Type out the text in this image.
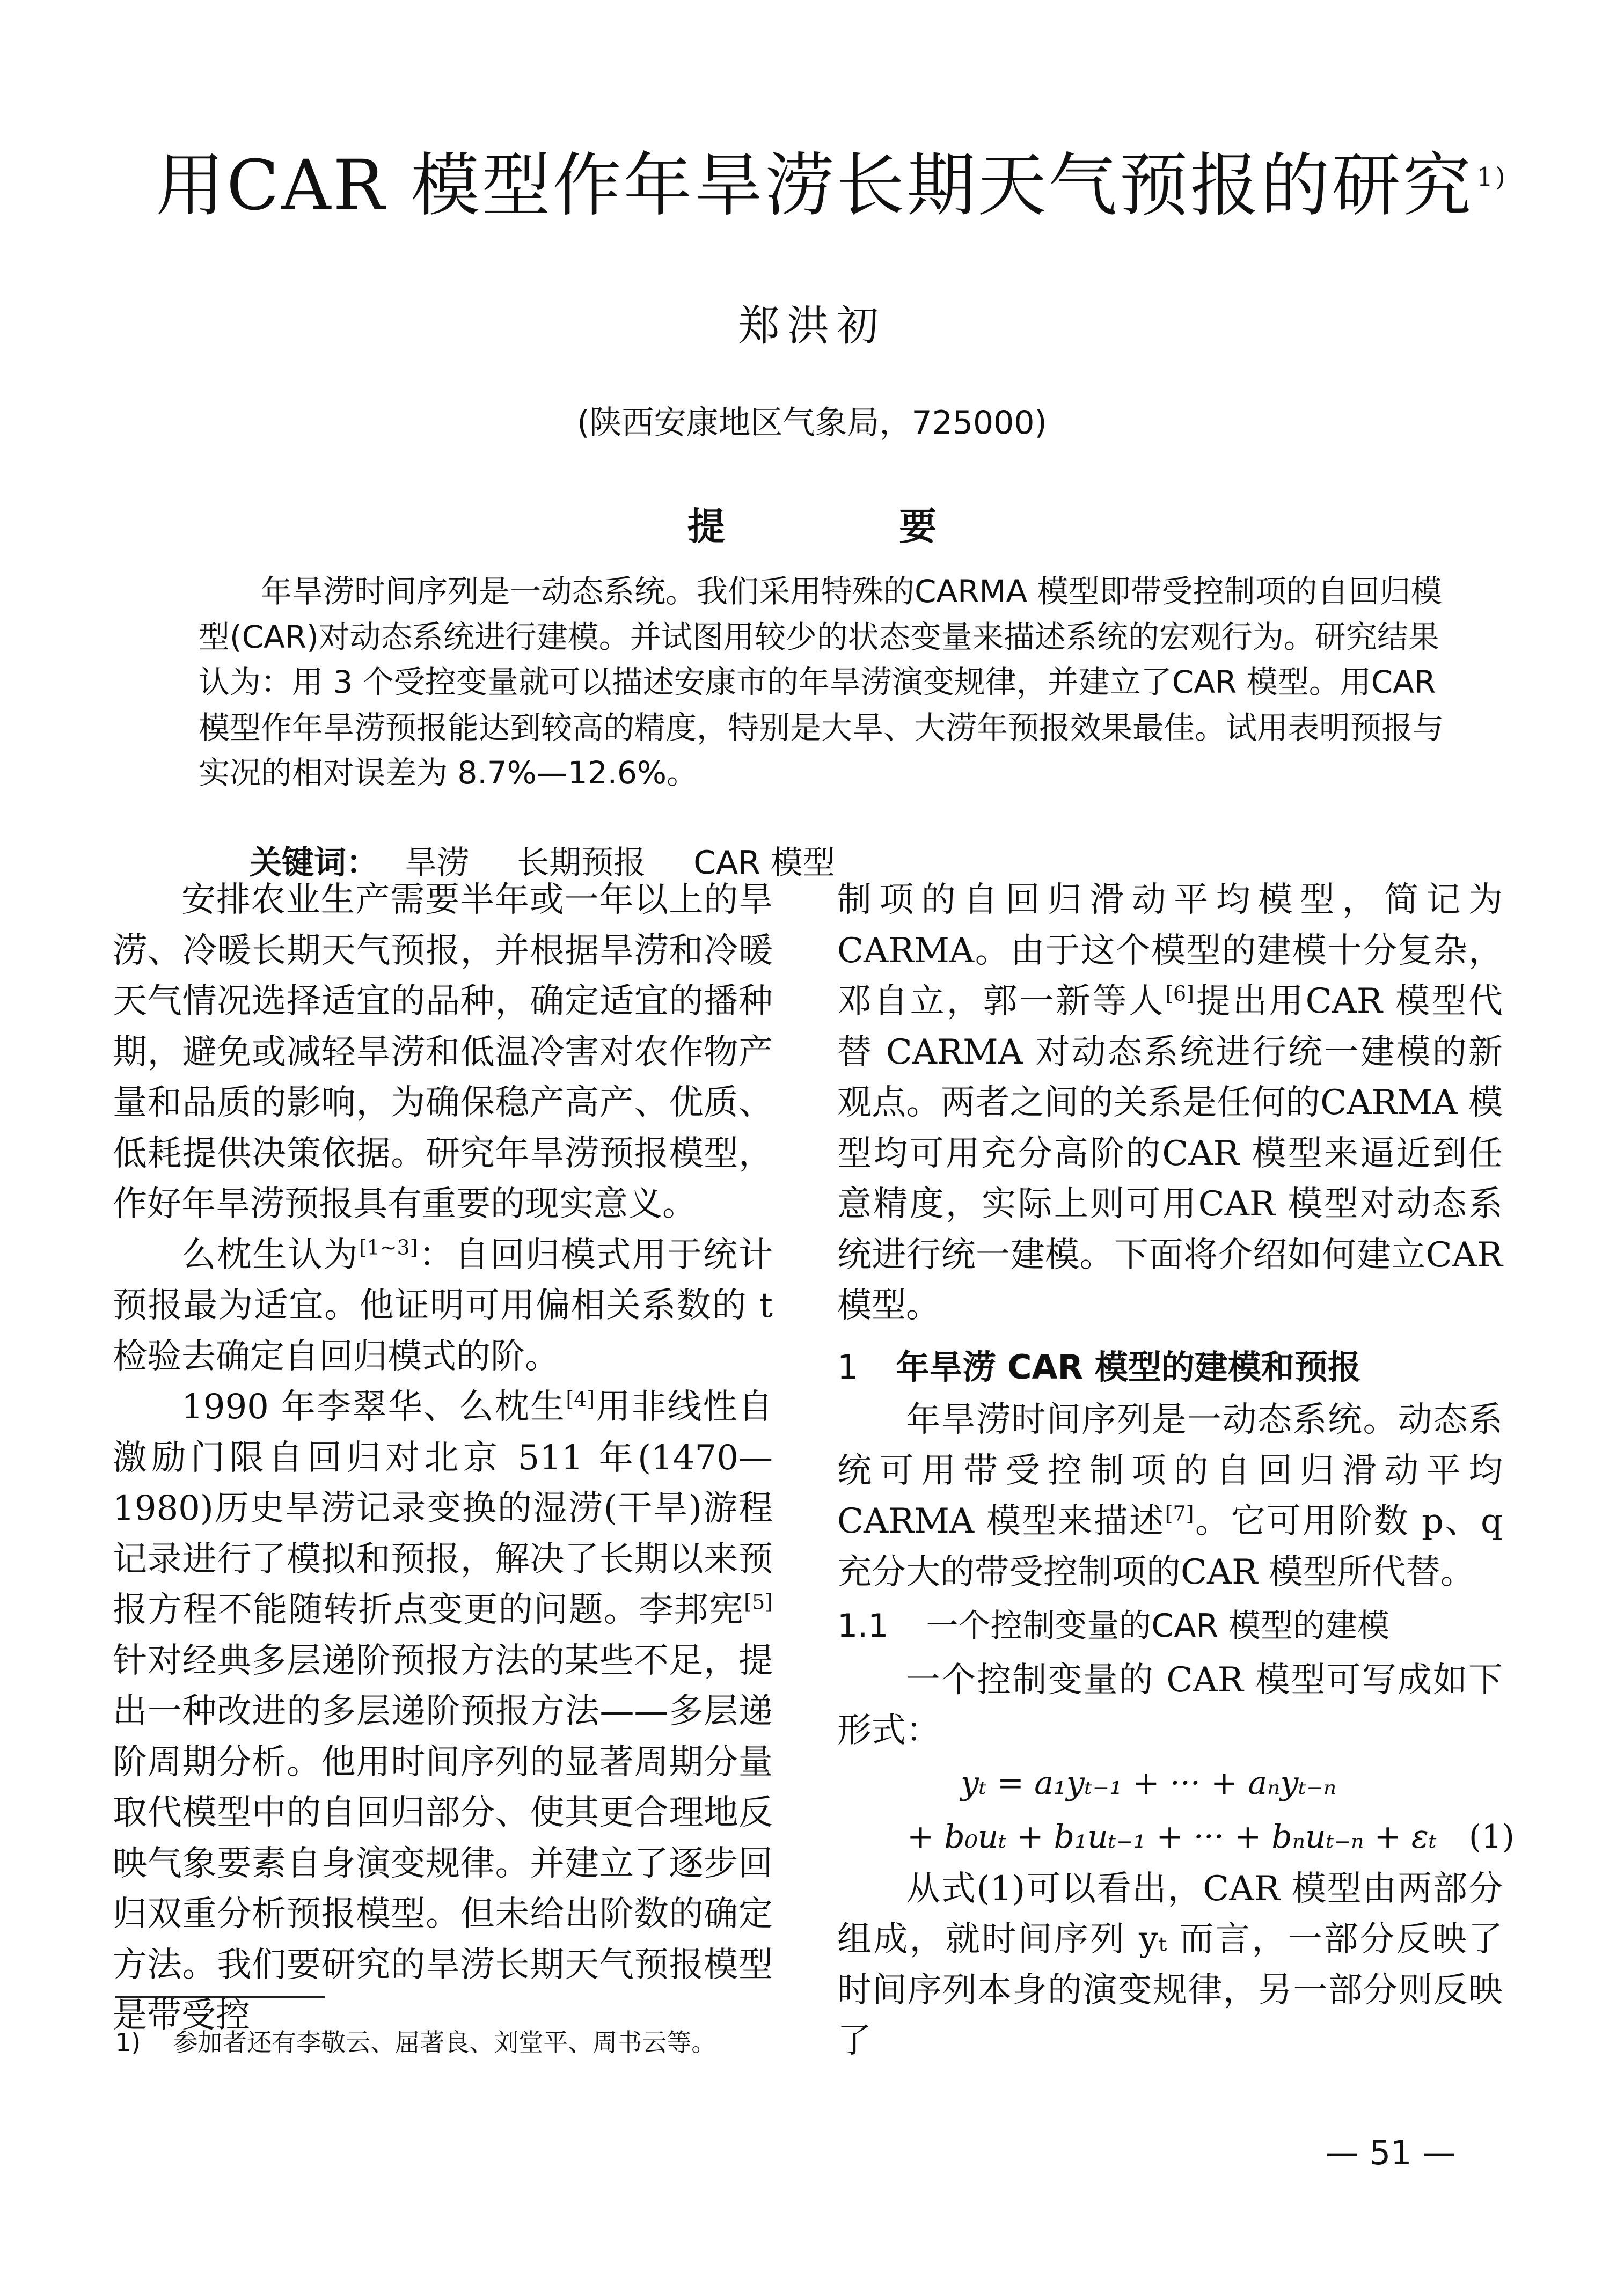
用CAR 模型作年旱涝长期天气预报的研究 $^{1)}$
郑洪初
(陕西安康地区气象局，725000)
提 要
年旱涝时间序列是一动态系统。我们采用特殊的CARMA 模型即带受控制项的自回归模型(CAR)对动态系统进行建模。并试图用较少的状态变量来描述系统的宏观行为。研究结果认为：用 3 个受控变量就可以描述安康市的年旱涝演变规律，并建立了CAR 模型。用CAR 模型作年旱涝预报能达到较高的精度，特别是大旱、大涝年预报效果最佳。试用表明预报与实况的相对误差为 8.7%—12.6%。
关键词： 旱涝 长期预报 CAR 模型

安排农业生产需要半年或一年以上的旱涝、冷暖长期天气预报，并根据旱涝和冷暖天气情况选择适宜的品种，确定适宜的播种期，避免或减轻旱涝和低温冷害对农作物产量和品质的影响，为确保稳产高产、优质、低耗提供决策依据。研究年旱涝预报模型，作好年旱涝预报具有重要的现实意义。

么枕生认为[1~3]：自回归模式用于统计预报最为适宜。他证明可用偏相关系数的 t 检验去确定自回归模式的阶。

1990 年李翠华、么枕生[4]用非线性自激励门限自回归对北京 511 年(1470—1980)历史旱涝记录变换的湿涝(干旱)游程记录进行了模拟和预报，解决了长期以来预报方程不能随转折点变更的问题。李邦宪[5]针对经典多层递阶预报方法的某些不足，提出一种改进的多层递阶预报方法——多层递阶周期分析。他用时间序列的显著周期分量取代模型中的自回归部分、使其更合理地反映气象要素自身演变规律。并建立了逐步回归双重分析预报模型。但未给出阶数的确定方法。我们要研究的旱涝长期天气预报模型是带受控

制项的自回归滑动平均模型，简记为 CARMA。由于这个模型的建模十分复杂，邓自立，郭一新等人[6]提出用CAR 模型代替 CARMA 对动态系统进行统一建模的新观点。两者之间的关系是任何的CARMA 模型均可用充分高阶的CAR 模型来逼近到任意精度，实际上则可用CAR 模型对动态系统进行统一建模。下面将介绍如何建立CAR 模型。

1 年旱涝 CAR 模型的建模和预报

年旱涝时间序列是一动态系统。动态系统可用带受控制项的自回归滑动平均 CARMA 模型来描述[7]。它可用阶数 p、q 充分大的带受控制项的CAR 模型所代替。

1.1 一个控制变量的CAR 模型的建模

一个控制变量的 CAR 模型可写成如下形式：

yₜ = a₁yₜ₋₁ + ··· + aₙyₜ₋ₙ
+ b₀uₜ + b₁uₜ₋₁ + ··· + bₙuₜ₋ₙ + εₜ (1)

从式(1)可以看出，CAR 模型由两部分组成，就时间序列 yₜ 而言，一部分反映了时间序列本身的演变规律，另一部分则反映了

1) 参加者还有李敬云、屈著良、刘堂平、周书云等。
— 51 —
